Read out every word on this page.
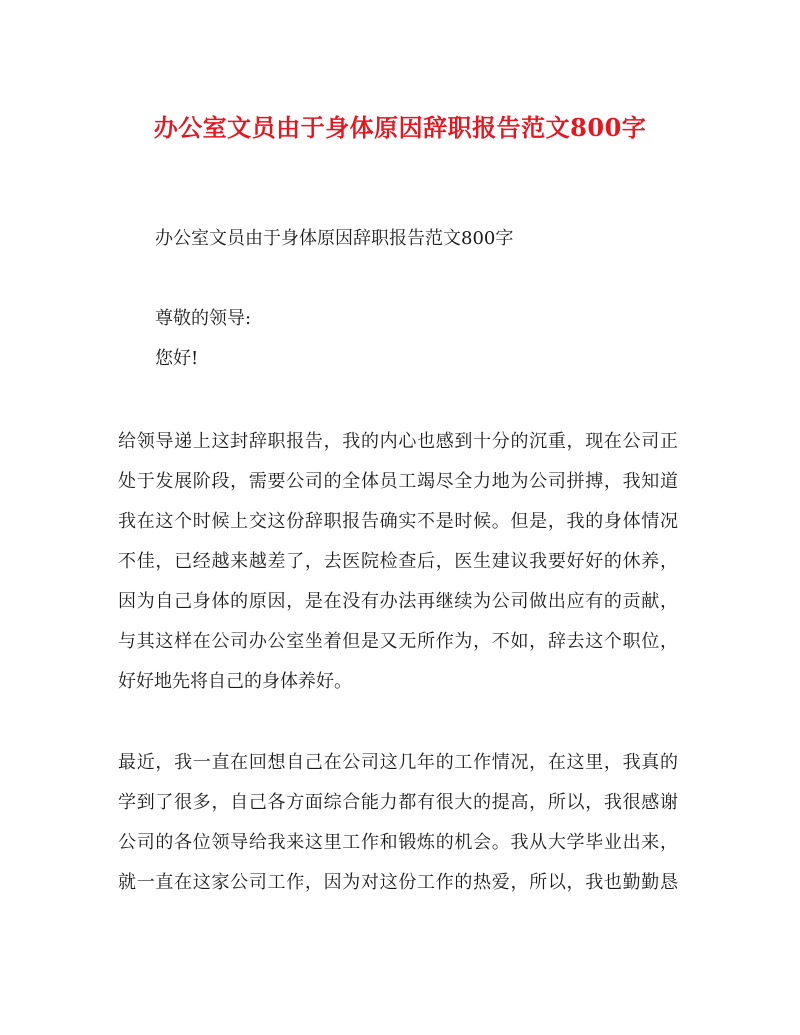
办公室文员由于身体原因辞职报告范文800字
办公室文员由于身体原因辞职报告范文800字
尊敬的领导:
您好!
给领导递上这封辞职报告，我的内心也感到十分的沉重，现在公司正
处于发展阶段，需要公司的全体员工竭尽全力地为公司拼搏，我知道
我在这个时候上交这份辞职报告确实不是时候。但是，我的身体情况
不佳，已经越来越差了，去医院检查后，医生建议我要好好的休养，
因为自己身体的原因，是在没有办法再继续为公司做出应有的贡献，
与其这样在公司办公室坐着但是又无所作为，不如，辞去这个职位，
好好地先将自己的身体养好。
最近，我一直在回想自己在公司这几年的工作情况，在这里，我真的
学到了很多，自己各方面综合能力都有很大的提高，所以，我很感谢
公司的各位领导给我来这里工作和锻炼的机会。我从大学毕业出来，
就一直在这家公司工作，因为对这份工作的热爱，所以，我也勤勤恳
